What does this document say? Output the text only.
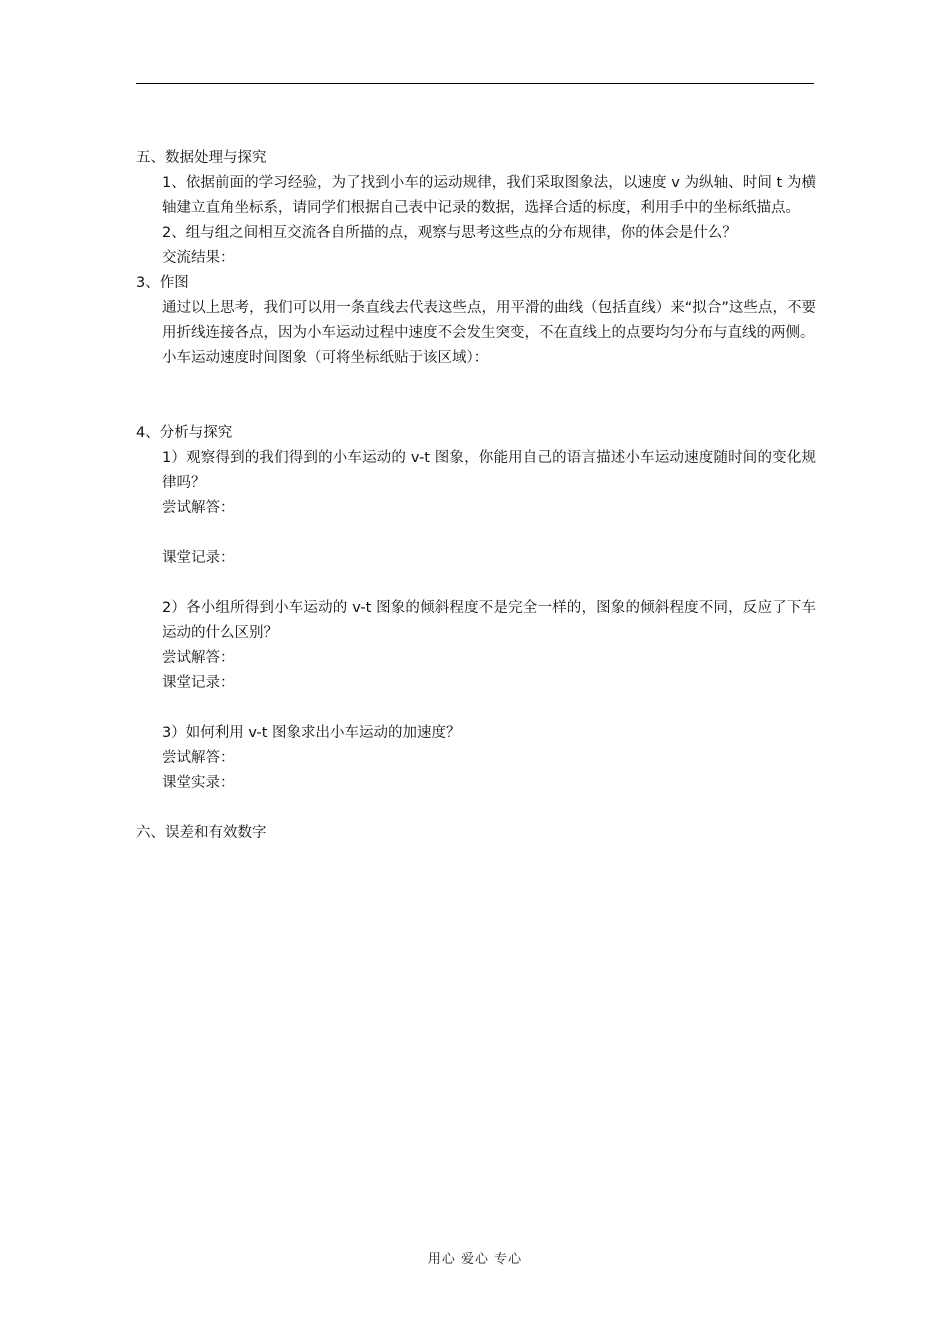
五、数据处理与探究

1、依据前面的学习经验，为了找到小车的运动规律，我们采取图象法，以速度 v 为纵轴、时间 t 为横轴建立直角坐标系，请同学们根据自己表中记录的数据，选择合适的标度，利用手中的坐标纸描点。

2、组与组之间相互交流各自所描的点，观察与思考这些点的分布规律，你的体会是什么？

交流结果：

3、作图

通过以上思考，我们可以用一条直线去代表这些点，用平滑的曲线（包括直线）来“拟合”这些点，不要用折线连接各点，因为小车运动过程中速度不会发生突变，不在直线上的点要均匀分布与直线的两侧。

小车运动速度时间图象（可将坐标纸贴于该区域）：

4、分析与探究

1）观察得到的我们得到的小车运动的 v-t 图象，你能用自己的语言描述小车运动速度随时间的变化规律吗？

尝试解答：

课堂记录：

2）各小组所得到小车运动的 v-t 图象的倾斜程度不是完全一样的，图象的倾斜程度不同，反应了下车运动的什么区别？

尝试解答：

课堂记录：

3）如何利用 v-t 图象求出小车运动的加速度？

尝试解答：

课堂实录：

六、误差和有效数字

用心 爱心 专心
